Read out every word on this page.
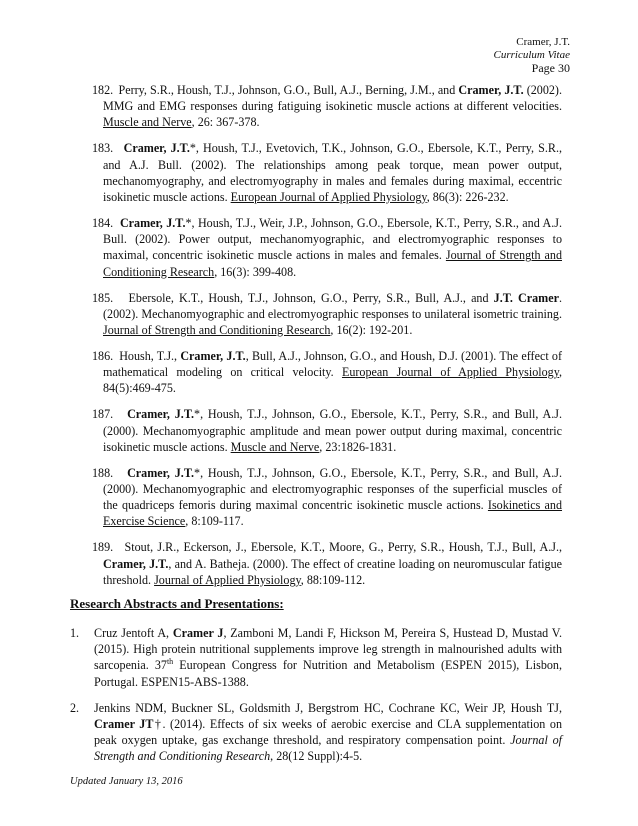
Cramer, J.T.
Curriculum Vitae
Page 30
182. Perry, S.R., Housh, T.J., Johnson, G.O., Bull, A.J., Berning, J.M., and Cramer, J.T. (2002). MMG and EMG responses during fatiguing isokinetic muscle actions at different velocities. Muscle and Nerve, 26: 367-378.
183. Cramer, J.T.*, Housh, T.J., Evetovich, T.K., Johnson, G.O., Ebersole, K.T., Perry, S.R., and A.J. Bull. (2002). The relationships among peak torque, mean power output, mechanomyography, and electromyography in males and females during maximal, eccentric isokinetic muscle actions. European Journal of Applied Physiology, 86(3): 226-232.
184. Cramer, J.T.*, Housh, T.J., Weir, J.P., Johnson, G.O., Ebersole, K.T., Perry, S.R., and A.J. Bull. (2002). Power output, mechanomyographic, and electromyographic responses to maximal, concentric isokinetic muscle actions in males and females. Journal of Strength and Conditioning Research, 16(3): 399-408.
185. Ebersole, K.T., Housh, T.J., Johnson, G.O., Perry, S.R., Bull, A.J., and J.T. Cramer. (2002). Mechanomyographic and electromyographic responses to unilateral isometric training. Journal of Strength and Conditioning Research, 16(2): 192-201.
186. Housh, T.J., Cramer, J.T., Bull, A.J., Johnson, G.O., and Housh, D.J. (2001). The effect of mathematical modeling on critical velocity. European Journal of Applied Physiology, 84(5):469-475.
187. Cramer, J.T.*, Housh, T.J., Johnson, G.O., Ebersole, K.T., Perry, S.R., and Bull, A.J. (2000). Mechanomyographic amplitude and mean power output during maximal, concentric isokinetic muscle actions. Muscle and Nerve, 23:1826-1831.
188. Cramer, J.T.*, Housh, T.J., Johnson, G.O., Ebersole, K.T., Perry, S.R., and Bull, A.J. (2000). Mechanomyographic and electromyographic responses of the superficial muscles of the quadriceps femoris during maximal concentric isokinetic muscle actions. Isokinetics and Exercise Science, 8:109-117.
189. Stout, J.R., Eckerson, J., Ebersole, K.T., Moore, G., Perry, S.R., Housh, T.J., Bull, A.J., Cramer, J.T., and A. Batheja. (2000). The effect of creatine loading on neuromuscular fatigue threshold. Journal of Applied Physiology, 88:109-112.
Research Abstracts and Presentations:
1. Cruz Jentoft A, Cramer J, Zamboni M, Landi F, Hickson M, Pereira S, Hustead D, Mustad V. (2015). High protein nutritional supplements improve leg strength in malnourished adults with sarcopenia. 37th European Congress for Nutrition and Metabolism (ESPEN 2015), Lisbon, Portugal. ESPEN15-ABS-1388.
2. Jenkins NDM, Buckner SL, Goldsmith J, Bergstrom HC, Cochrane KC, Weir JP, Housh TJ, Cramer JT†. (2014). Effects of six weeks of aerobic exercise and CLA supplementation on peak oxygen uptake, gas exchange threshold, and respiratory compensation point. Journal of Strength and Conditioning Research, 28(12 Suppl):4-5.
Updated January 13, 2016
